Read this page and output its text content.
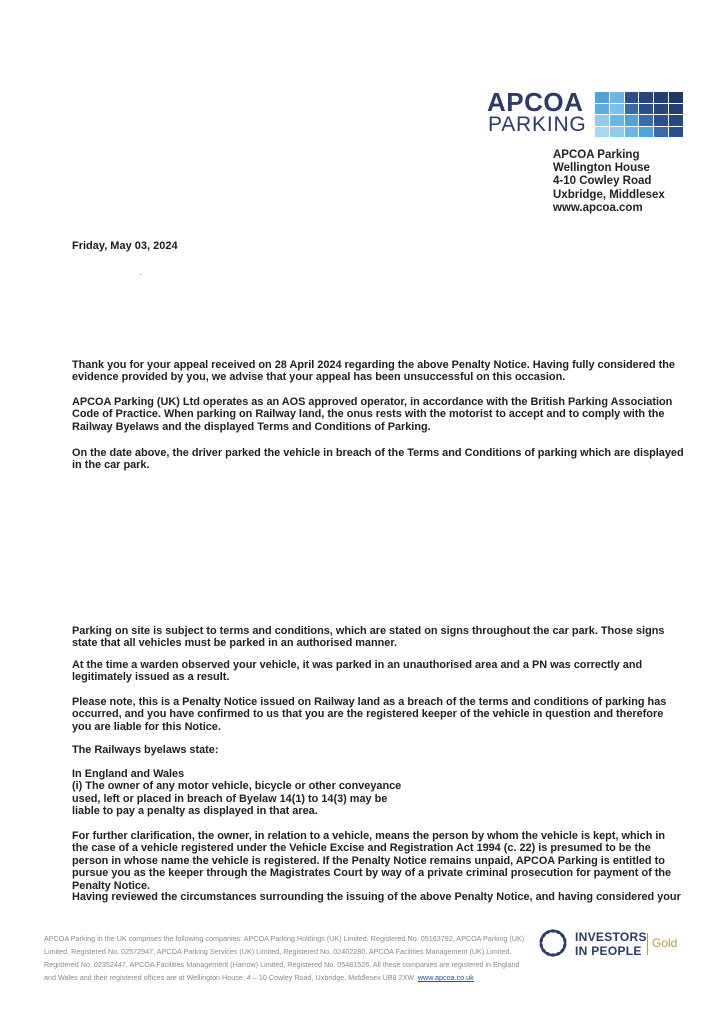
APCOA
PARKING
APCOA Parking
Wellington House
4-10 Cowley Road
Uxbridge, Middlesex
www.apcoa.com
Friday, May 03, 2024
Thank you for your appeal received on 28 April 2024 regarding the above Penalty Notice. Having fully considered the evidence provided by you, we advise that your appeal has been unsuccessful on this occasion.
APCOA Parking (UK) Ltd operates as an AOS approved operator, in accordance with the British Parking Association Code of Practice. When parking on Railway land, the onus rests with the motorist to accept and to comply with the Railway Byelaws and the displayed Terms and Conditions of Parking.
On the date above, the driver parked the vehicle in breach of the Terms and Conditions of parking which are displayed in the car park.
Parking on site is subject to terms and conditions, which are stated on signs throughout the car park. Those signs state that all vehicles must be parked in an authorised manner.
At the time a warden observed your vehicle, it was parked in an unauthorised area and a PN was correctly and legitimately issued as a result.
Please note, this is a Penalty Notice issued on Railway land as a breach of the terms and conditions of parking has occurred, and you have confirmed to us that you are the registered keeper of the vehicle in question and therefore you are liable for this Notice.
The Railways byelaws state:
In England and Wales
(i) The owner of any motor vehicle, bicycle or other conveyance
used, left or placed in breach of Byelaw 14(1) to 14(3) may be
liable to pay a penalty as displayed in that area.
For further clarification, the owner, in relation to a vehicle, means the person by whom the vehicle is kept, which in the case of a vehicle registered under the Vehicle Excise and Registration Act 1994 (c. 22) is presumed to be the person in whose name the vehicle is registered. If the Penalty Notice remains unpaid, APCOA Parking is entitled to pursue you as the keeper through the Magistrates Court by way of a private criminal prosecution for payment of the Penalty Notice.
Having reviewed the circumstances surrounding the issuing of the above Penalty Notice, and having considered your
APCOA Parking in the UK comprises the following companies: APCOA Parking Holdings (UK) Limited, Registered No. 05163792, APCOA Parking (UK)
Limited, Registered No. 02572947, APCOA Parking Services (UK) Limited, Registered No. 02402280, APCOA Facilities Management (UK) Limited,
Registered No. 02352447, APCOA Facilities Management (Harrow) Limited, Registered No. 05481526. All these companies are registered in England
and Wales and their registered offices are at Wellington House, 4 – 10 Cowley Road, Uxbridge, Middlesex UB8 2XW. www.apcoa.co.uk
INVESTORS
IN PEOPLE
Gold
